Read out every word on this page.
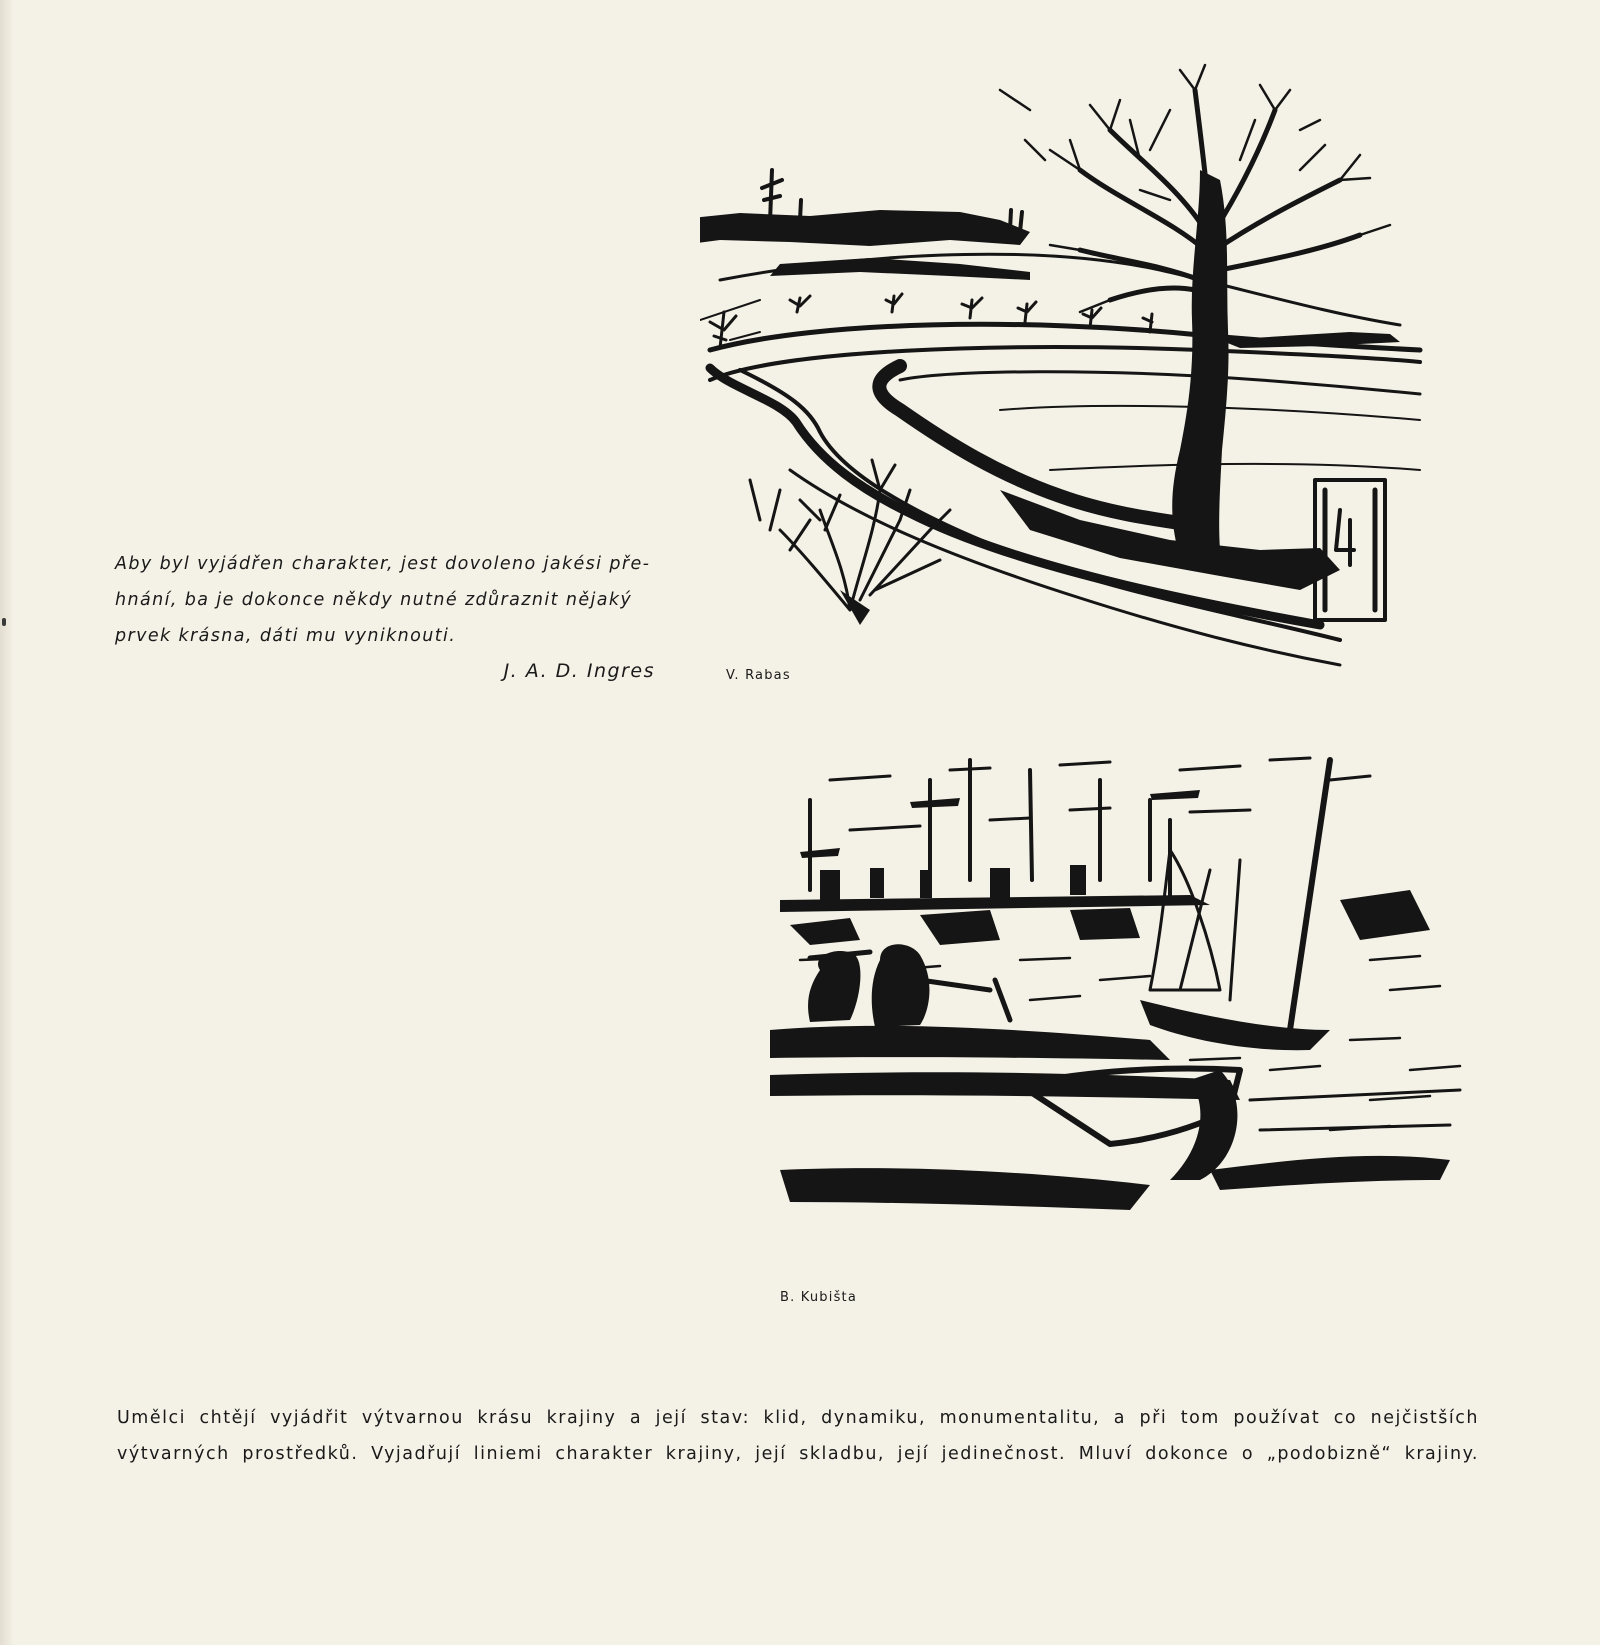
Aby byl vyjádřen charakter, jest dovoleno jakési pře-
hnání, ba je dokonce někdy nutné zdůraznit nějaký
prvek krásna, dáti mu vyniknouti.
J. A. D. Ingres	V. Rabas
B. Kubišta
Umělci chtějí vyjádřit výtvarnou krásu krajiny a její stav: klid, dynamiku, monumentalitu, a při tom používat co nejčistších
výtvarných prostředků. Vyjadřují liniemi charakter krajiny, její skladbu, její jedinečnost. Mluví dokonce o „podobizně“ krajiny.
